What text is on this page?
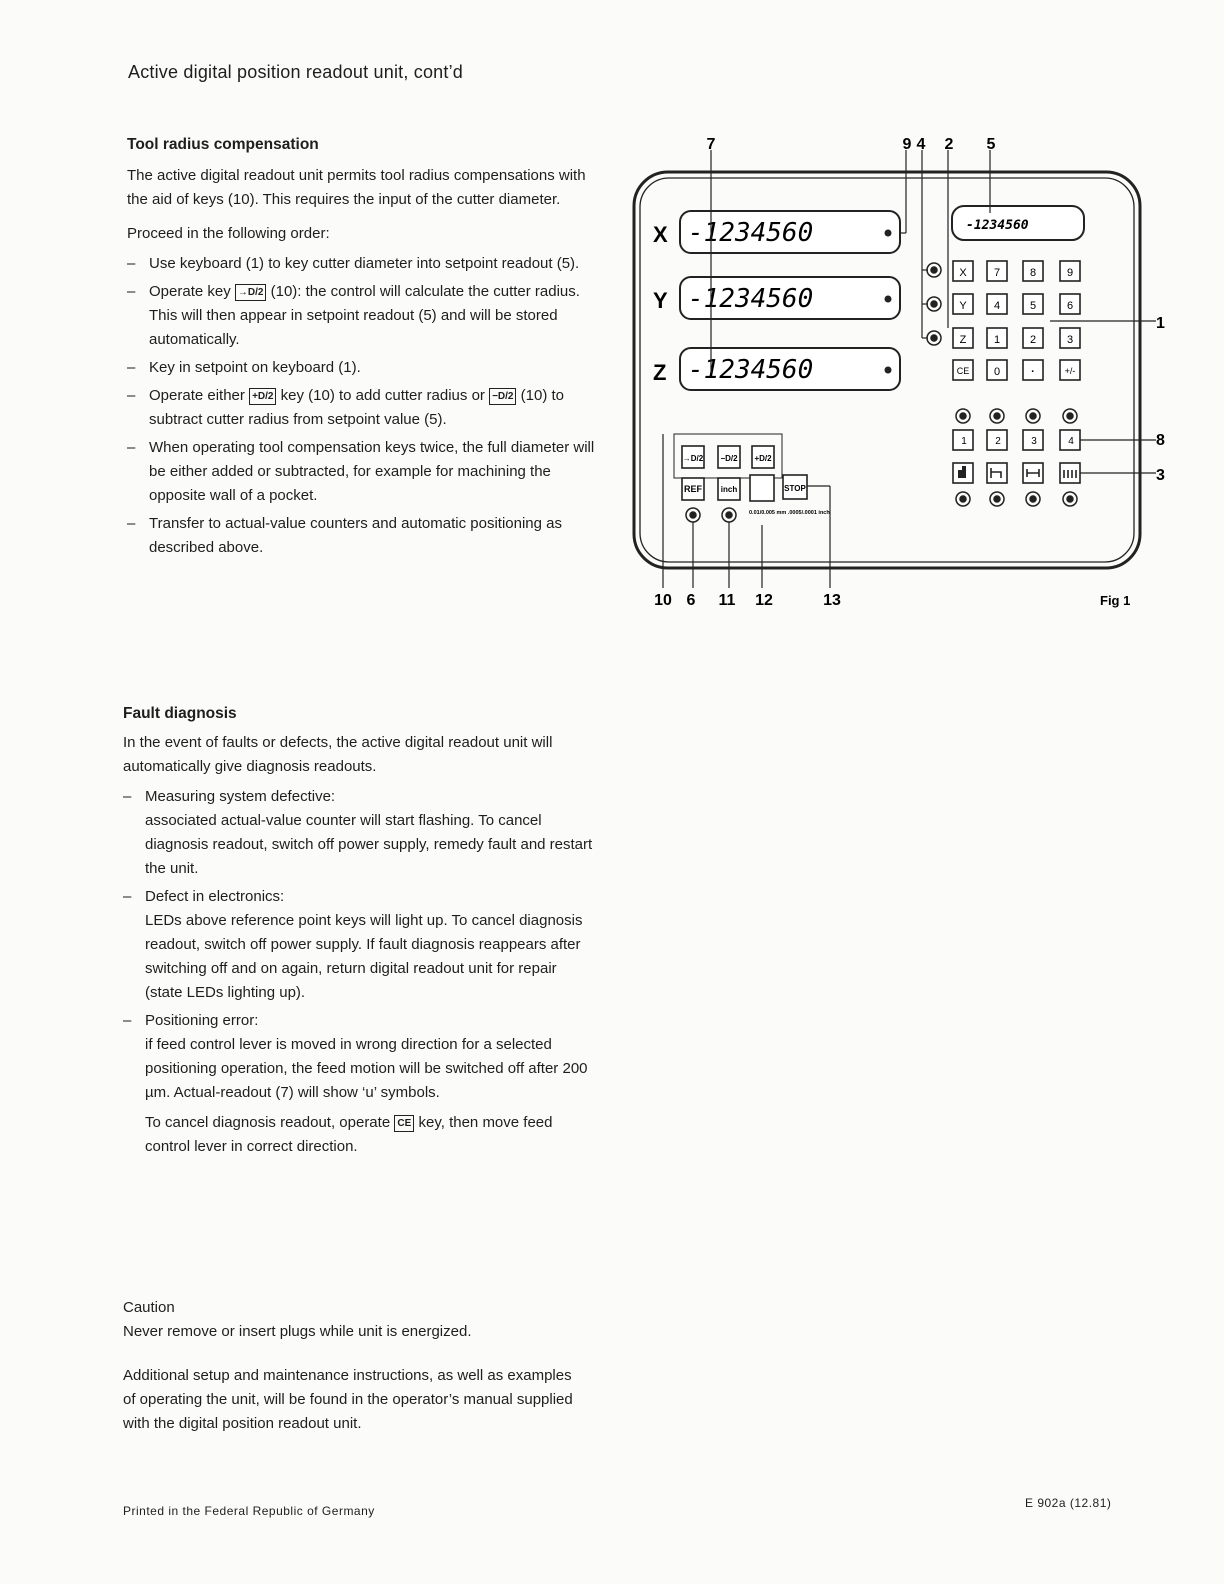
Active digital position readout unit, cont’d
Tool radius compensation
The active digital readout unit permits tool radius compensations with the aid of keys (10). This requires the input of the cutter diameter.
Proceed in the following order:
– Use keyboard (1) to key cutter diameter into setpoint readout (5).
– Operate key →D/2 (10): the control will calculate the cutter radius. This will then appear in setpoint readout (5) and will be stored automatically.
– Key in setpoint on keyboard (1).
– Operate either +D/2 key (10) to add cutter radius or −D/2 (10) to subtract cutter radius from setpoint value (5).
– When operating tool compensation keys twice, the full diameter will be either added or subtracted, for example for machining the opposite wall of a pocket.
– Transfer to actual-value counters and automatic positioning as described above.
X -1234560
Y -1234560
Z -1234560
-1234560
X 7	8	9
Y 4	5	6
Z	1	2	3
CE 0	·	+/-
1	2	3	4
→D/2 −D/2 +D/2
REF inch	STOP
0.01/0.005 mm .0005/.0001 inch
7	9 4 2 5
1
8
3
10 6 11 12	13	Fig 1
Fault diagnosis
In the event of faults or defects, the active digital readout unit will automatically give diagnosis readouts.
– Measuring system defective:
associated actual-value counter will start flashing. To cancel diagnosis readout, switch off power supply, remedy fault and restart the unit.
– Defect in electronics:
LEDs above reference point keys will light up. To cancel diagnosis readout, switch off power supply. If fault diagnosis reappears after switching off and on again, return digital readout unit for repair (state LEDs lighting up).
– Positioning error:
if feed control lever is moved in wrong direction for a selected positioning operation, the feed motion will be switched off after 200 µm. Actual-readout (7) will show ‘u’ symbols.
To cancel diagnosis readout, operate CE key, then move feed control lever in correct direction.
Caution
Never remove or insert plugs while unit is energized.
Additional setup and maintenance instructions, as well as examples of operating the unit, will be found in the operator’s manual supplied with the digital position readout unit.
Printed in the Federal Republic of Germany
E 902a (12.81)
